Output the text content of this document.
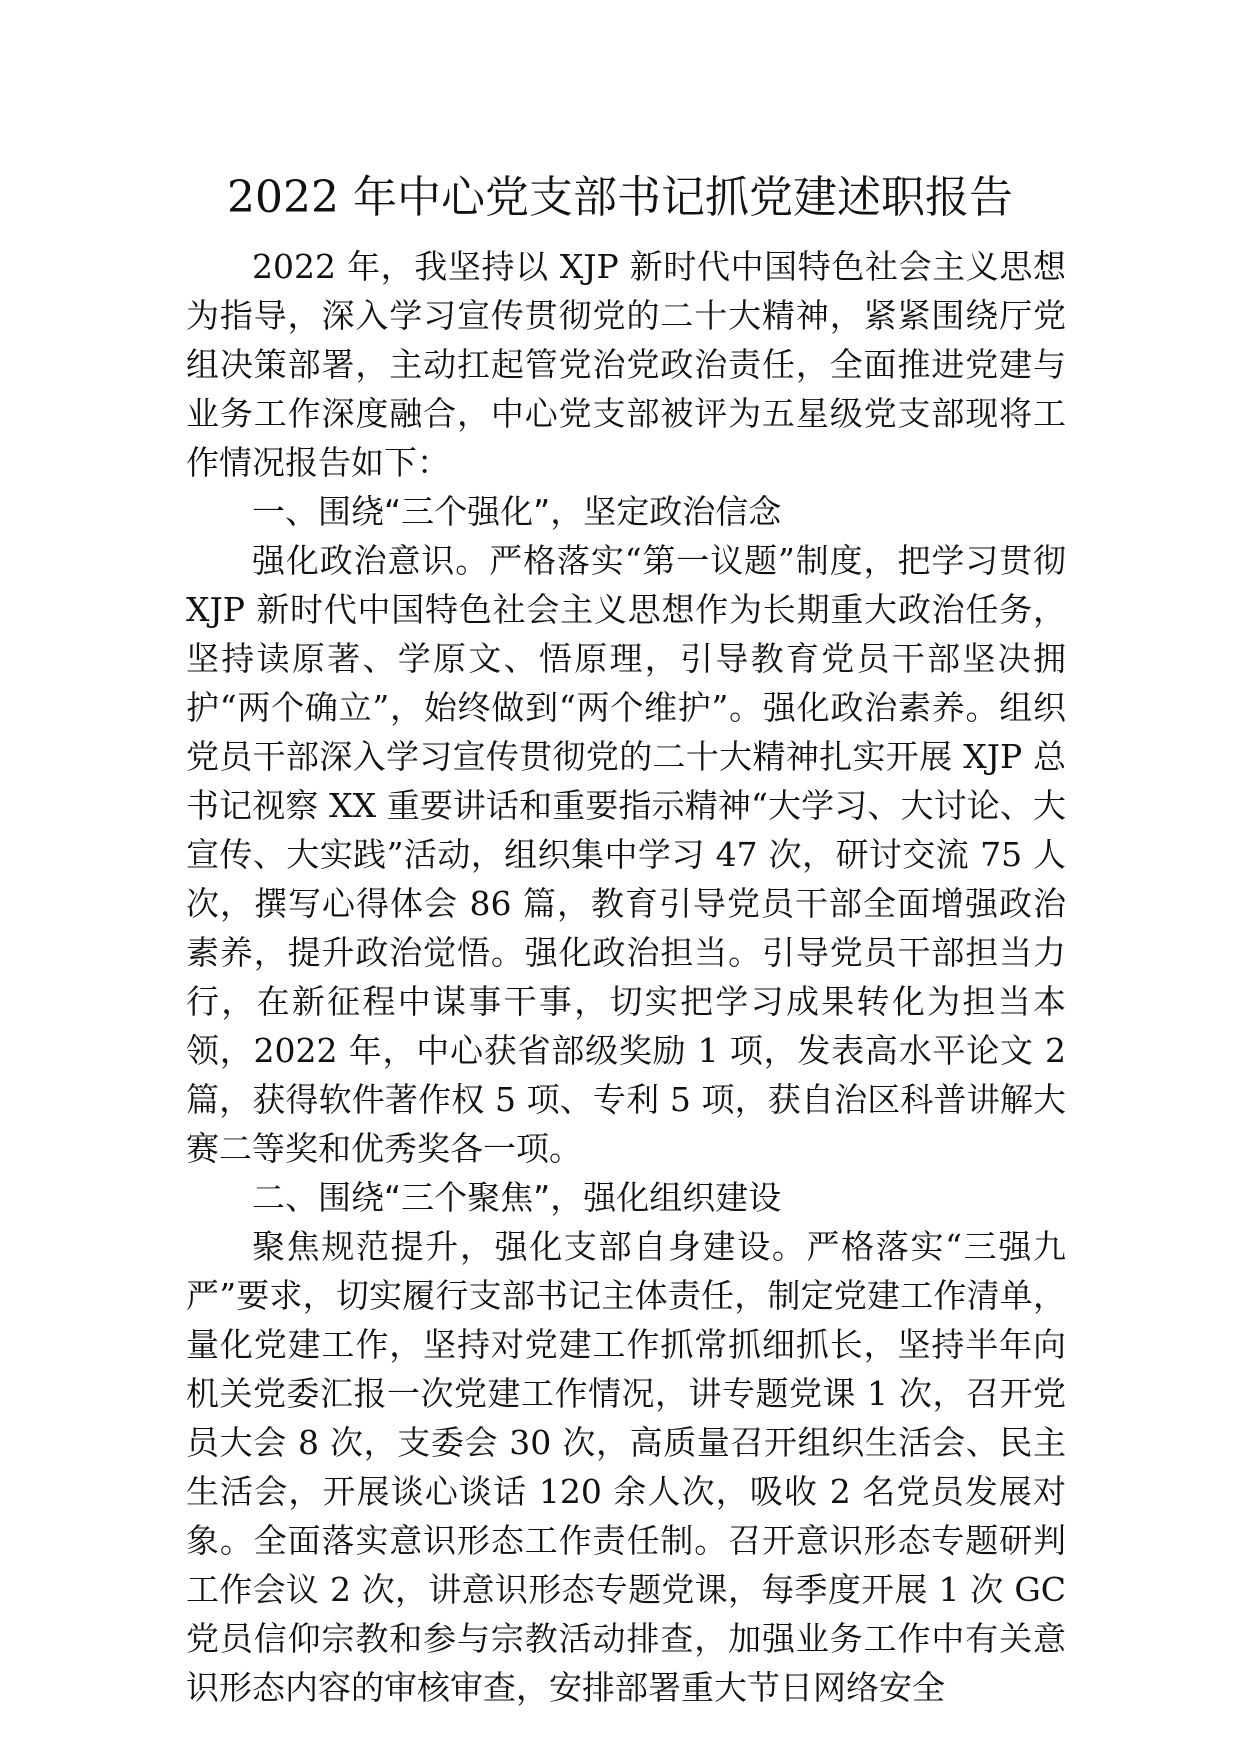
2022 年中心党支部书记抓党建述职报告

2022 年，我坚持以 XJP 新时代中国特色社会主义思想为指导，深入学习宣传贯彻党的二十大精神，紧紧围绕厅党组决策部署，主动扛起管党治党政治责任，全面推进党建与业务工作深度融合，中心党支部被评为五星级党支部现将工作情况报告如下：

一、围绕“三个强化”，坚定政治信念

强化政治意识。严格落实“第一议题”制度，把学习贯彻 XJP 新时代中国特色社会主义思想作为长期重大政治任务，坚持读原著、学原文、悟原理，引导教育党员干部坚决拥护“两个确立”，始终做到“两个维护”。强化政治素养。组织党员干部深入学习宣传贯彻党的二十大精神扎实开展 XJP 总书记视察 XX 重要讲话和重要指示精神“大学习、大讨论、大宣传、大实践”活动，组织集中学习 47 次，研讨交流 75 人次，撰写心得体会 86 篇，教育引导党员干部全面增强政治素养，提升政治觉悟。强化政治担当。引导党员干部担当力行，在新征程中谋事干事，切实把学习成果转化为担当本领，2022 年，中心获省部级奖励 1 项，发表高水平论文 2 篇，获得软件著作权 5 项、专利 5 项，获自治区科普讲解大赛二等奖和优秀奖各一项。

二、围绕“三个聚焦”，强化组织建设

聚焦规范提升，强化支部自身建设。严格落实“三强九严”要求，切实履行支部书记主体责任，制定党建工作清单，量化党建工作，坚持对党建工作抓常抓细抓长，坚持半年向机关党委汇报一次党建工作情况，讲专题党课 1 次，召开党员大会 8 次，支委会 30 次，高质量召开组织生活会、民主生活会，开展谈心谈话 120 余人次，吸收 2 名党员发展对象。全面落实意识形态工作责任制。召开意识形态专题研判工作会议 2 次，讲意识形态专题党课，每季度开展 1 次 GC 党员信仰宗教和参与宗教活动排查，加强业务工作中有关意识形态内容的审核审查，安排部署重大节日网络安全
